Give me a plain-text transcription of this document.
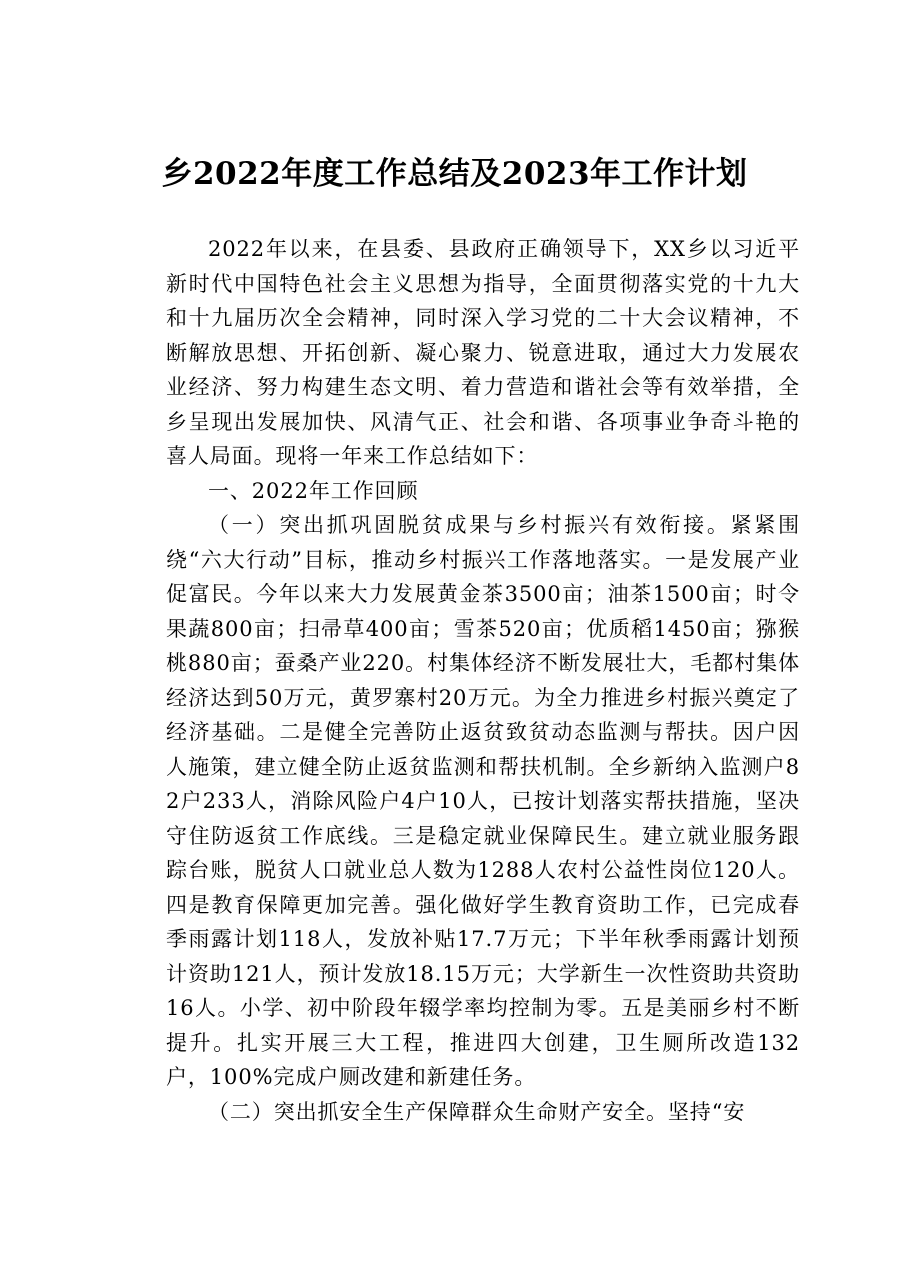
乡2022年度工作总结及2023年工作计划

2022年以来，在县委、县政府正确领导下，XX乡以习近平新时代中国特色社会主义思想为指导，全面贯彻落实党的十九大和十九届历次全会精神，同时深入学习党的二十大会议精神，不断解放思想、开拓创新、凝心聚力、锐意进取，通过大力发展农业经济、努力构建生态文明、着力营造和谐社会等有效举措，全乡呈现出发展加快、风清气正、社会和谐、各项事业争奇斗艳的喜人局面。现将一年来工作总结如下：

一、2022年工作回顾

（一）突出抓巩固脱贫成果与乡村振兴有效衔接。紧紧围绕“六大行动”目标，推动乡村振兴工作落地落实。一是发展产业促富民。今年以来大力发展黄金茶3500亩；油茶1500亩；时令果蔬800亩；扫帚草400亩；雪茶520亩；优质稻1450亩；猕猴桃880亩；蚕桑产业220。村集体经济不断发展壮大，毛都村集体经济达到50万元，黄罗寨村20万元。为全力推进乡村振兴奠定了经济基础。二是健全完善防止返贫致贫动态监测与帮扶。因户因人施策，建立健全防止返贫监测和帮扶机制。全乡新纳入监测户82户233人，消除风险户4户10人，已按计划落实帮扶措施，坚决守住防返贫工作底线。三是稳定就业保障民生。建立就业服务跟踪台账，脱贫人口就业总人数为1288人农村公益性岗位120人。四是教育保障更加完善。强化做好学生教育资助工作，已完成春季雨露计划118人，发放补贴17.7万元；下半年秋季雨露计划预计资助121人，预计发放18.15万元；大学新生一次性资助共资助16人。小学、初中阶段年辍学率均控制为零。五是美丽乡村不断提升。扎实开展三大工程，推进四大创建，卫生厕所改造132户，100%完成户厕改建和新建任务。

（二）突出抓安全生产保障群众生命财产安全。坚持“安
